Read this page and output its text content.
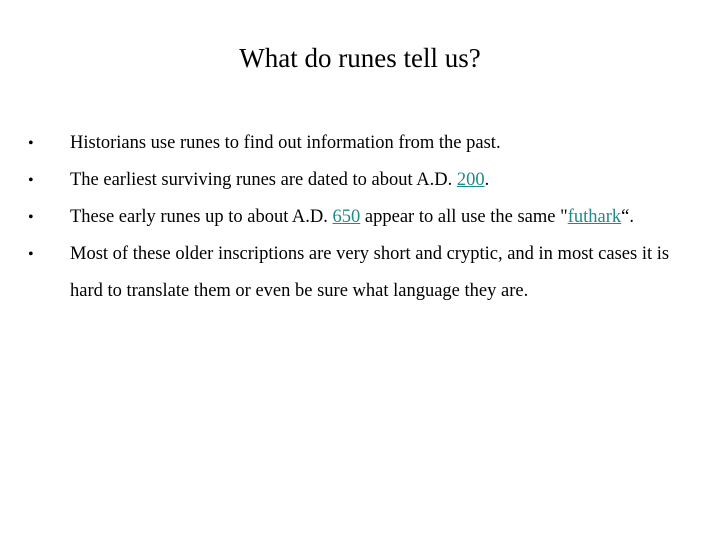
What do runes tell us?
•	Historians use runes to find out information from the past.
•	The earliest surviving runes are dated to about A.D. 200.
•	These early runes up to about A.D. 650 appear to all use the same "futhark“.
•	Most of these older inscriptions are very short and cryptic, and in most cases it is hard to translate them or even be sure what language they are.
